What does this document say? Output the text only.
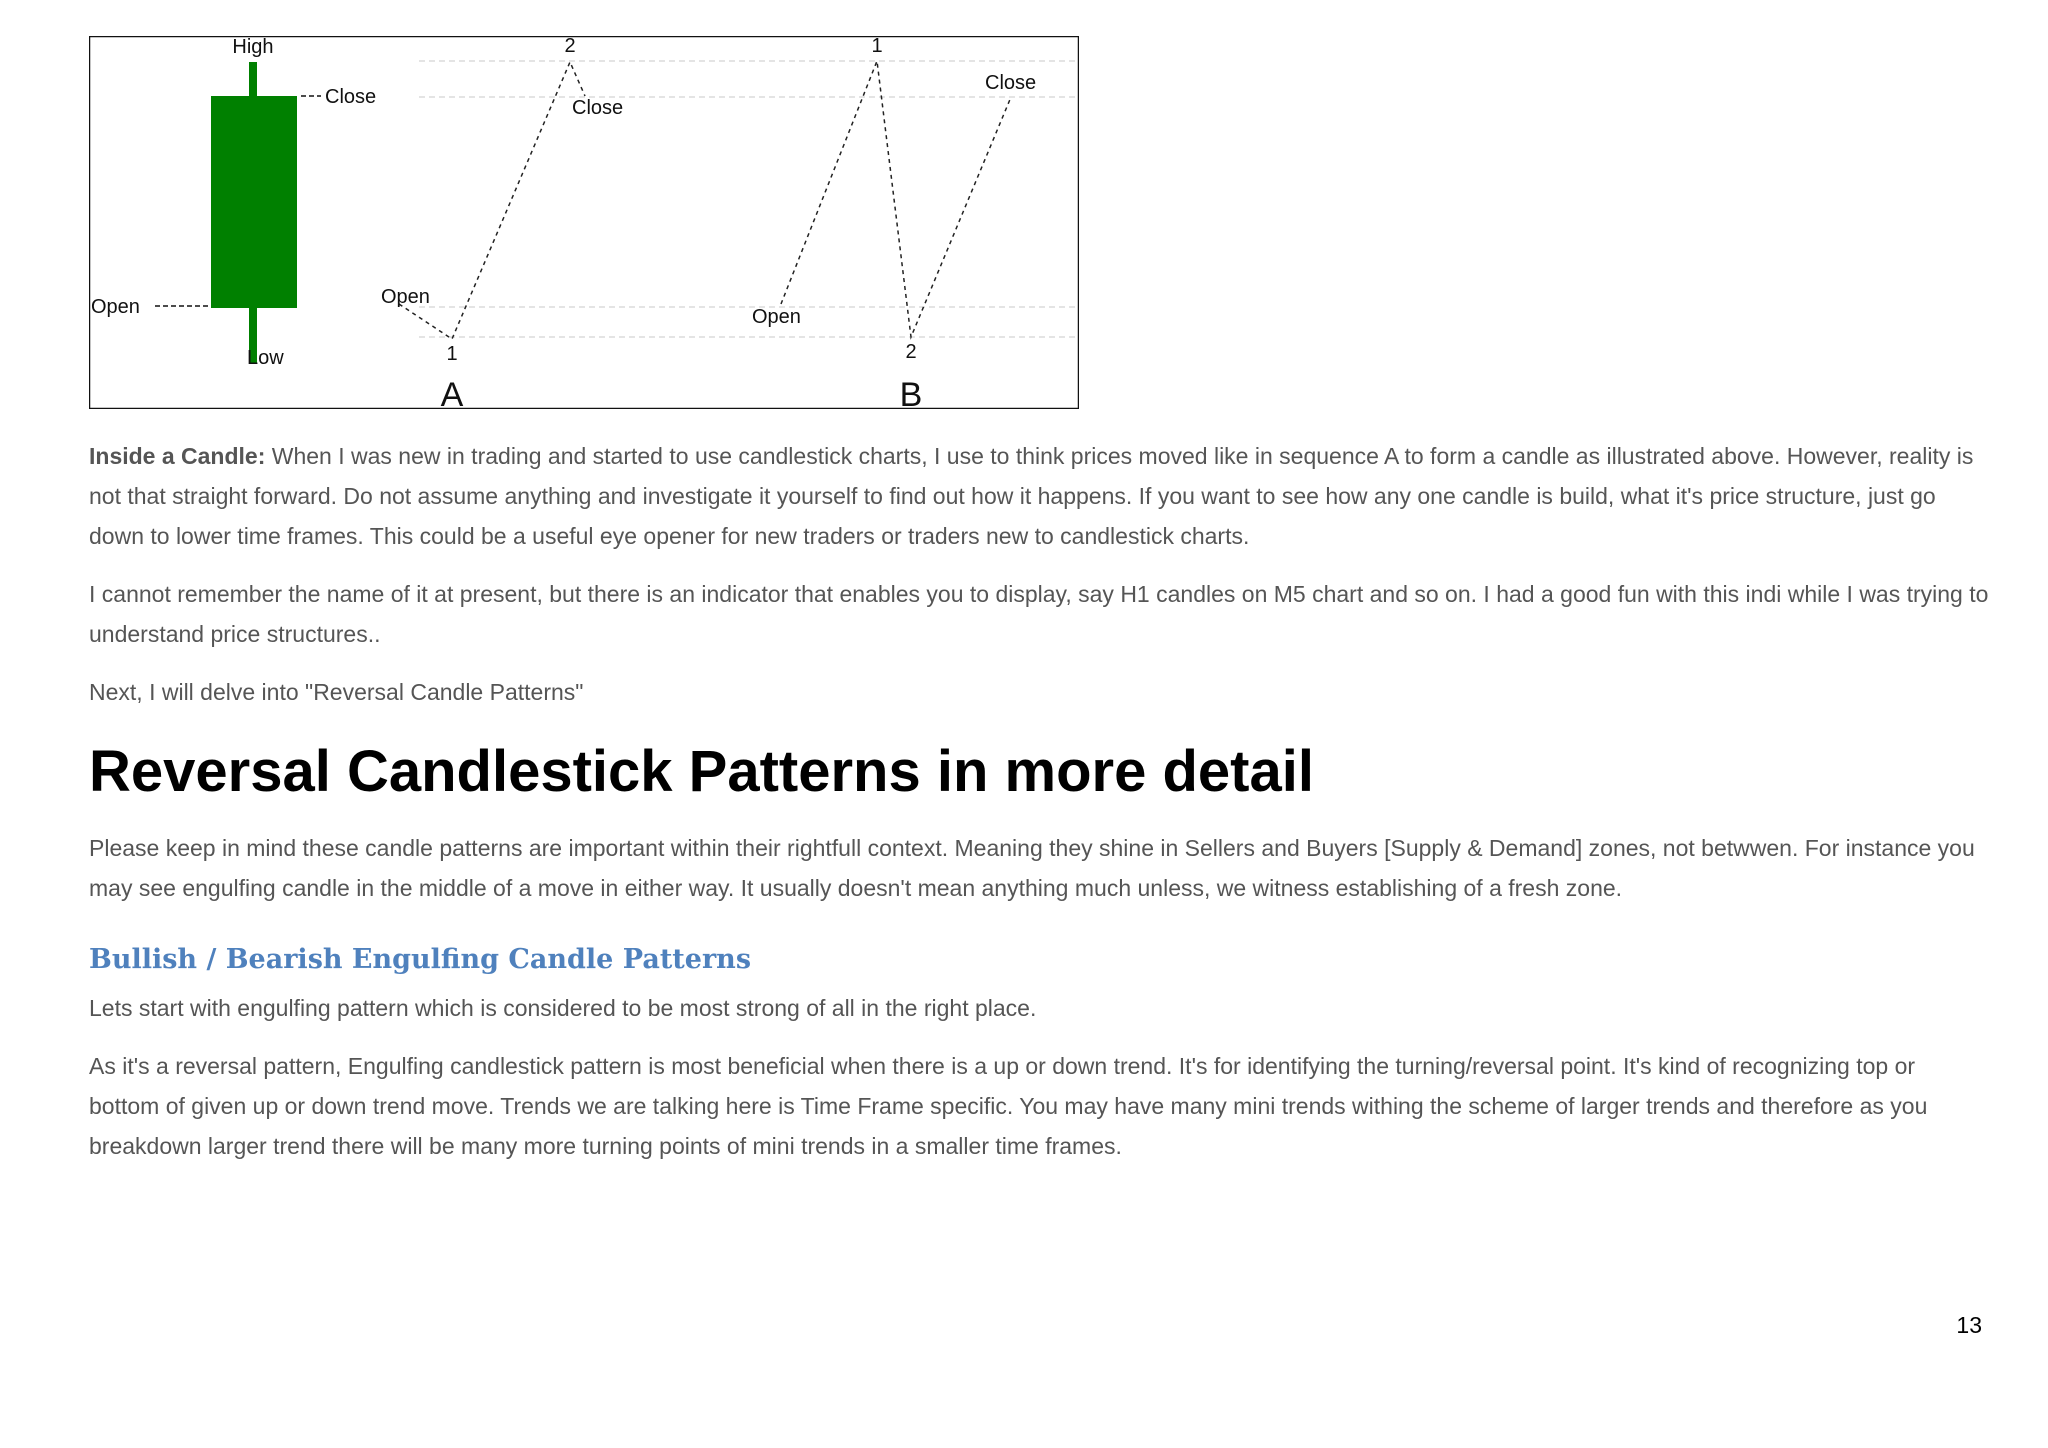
High
Close
Open
Low
Open
1
2
Close
A
Open
1
2
Close
B

Inside a Candle: When I was new in trading and started to use candlestick charts, I use to think prices moved like in sequence A to form a candle as illustrated above. However, reality is not that straight forward. Do not assume anything and investigate it yourself to find out how it happens. If you want to see how any one candle is build, what it's price structure, just go down to lower time frames. This could be a useful eye opener for new traders or traders new to candlestick charts.

I cannot remember the name of it at present, but there is an indicator that enables you to display, say H1 candles on M5 chart and so on. I had a good fun with this indi while I was trying to understand price structures..

Next, I will delve into "Reversal Candle Patterns"

Reversal Candlestick Patterns in more detail

Please keep in mind these candle patterns are important within their rightfull context. Meaning they shine in Sellers and Buyers [Supply & Demand] zones, not betwwen. For instance you may see engulfing candle in the middle of a move in either way. It usually doesn't mean anything much unless, we witness establishing of a fresh zone.

Bullish / Bearish Engulfing Candle Patterns

Lets start with engulfing pattern which is considered to be most strong of all in the right place.

As it's a reversal pattern, Engulfing candlestick pattern is most beneficial when there is a up or down trend. It's for identifying the turning/reversal point. It's kind of recognizing top or bottom of given up or down trend move. Trends we are talking here is Time Frame specific. You may have many mini trends withing the scheme of larger trends and therefore as you breakdown larger trend there will be many more turning points of mini trends in a smaller time frames.

13
